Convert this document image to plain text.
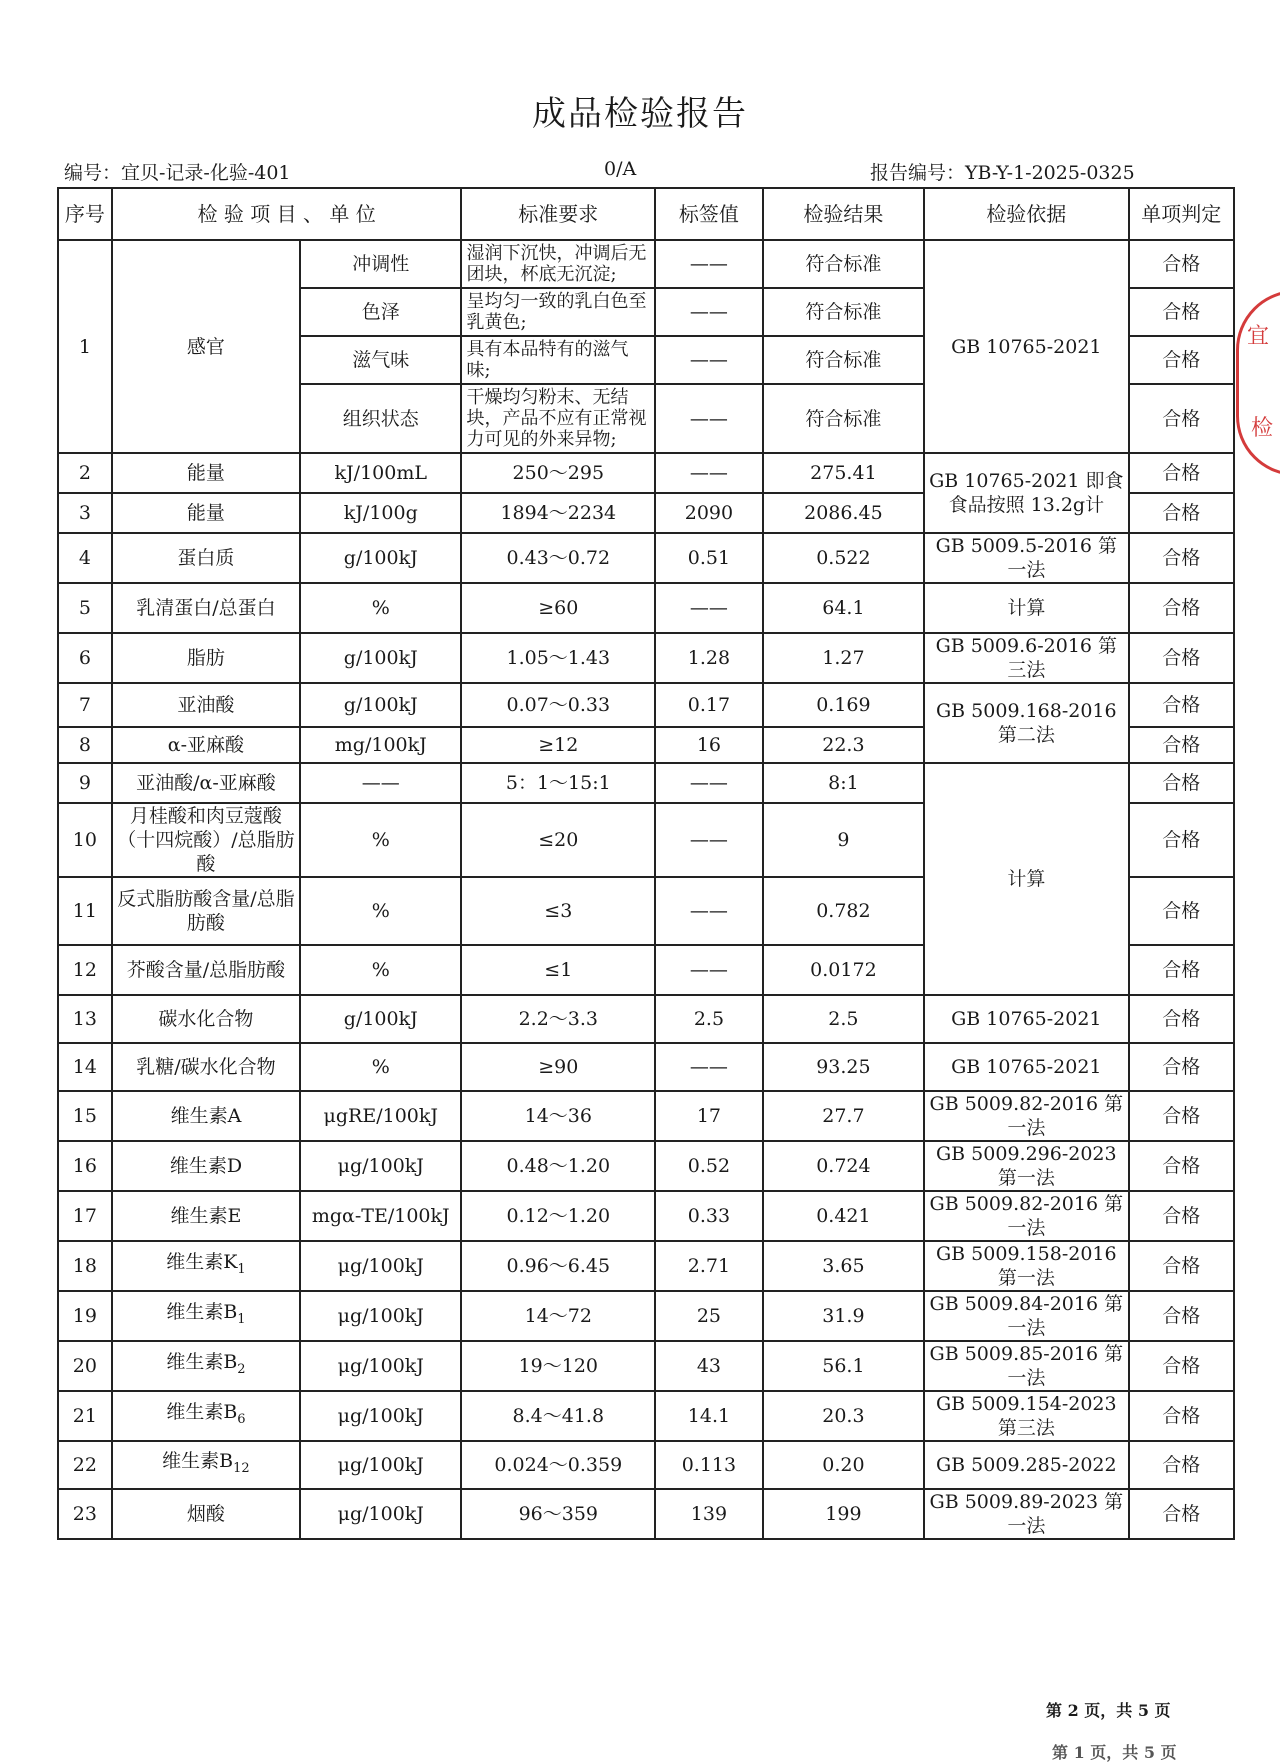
成品检验报告
编号：宜贝-记录-化验-401	0/A	报告编号：YB-Y-1-2025-0325
序号	检 验 项 目 、 单 位		标准要求	标签值	检验结果	检验依据	单项判定
1	感官	冲调性	湿润下沉快，冲调后无团块，杯底无沉淀;	——	符合标准	GB 10765-2021	合格
		色泽	呈均匀一致的乳白色至乳黄色;	——	符合标准		合格
		滋气味	具有本品特有的滋气味;	——	符合标准		合格
		组织状态	干燥均匀粉末、无结块，产品不应有正常视力可见的外来异物;	——	符合标准		合格
2	能量	kJ/100mL	250～295	——	275.41	GB 10765-2021 即食食品按照 13.2g计	合格
3	能量	kJ/100g	1894～2234	2090	2086.45		合格
4	蛋白质	g/100kJ	0.43～0.72	0.51	0.522	GB 5009.5-2016 第一法	合格
5	乳清蛋白/总蛋白	%	≥60	——	64.1	计算	合格
6	脂肪	g/100kJ	1.05～1.43	1.28	1.27	GB 5009.6-2016 第三法	合格
7	亚油酸	g/100kJ	0.07～0.33	0.17	0.169	GB 5009.168-2016 第二法	合格
8	α-亚麻酸	mg/100kJ	≥12	16	22.3		合格
9	亚油酸/α-亚麻酸	——	5：1～15:1	——	8:1	计算	合格
10	月桂酸和肉豆蔻酸（十四烷酸）/总脂肪酸	%	≤20	——	9		合格
11	反式脂肪酸含量/总脂肪酸	%	≤3	——	0.782		合格
12	芥酸含量/总脂肪酸	%	≤1	——	0.0172		合格
13	碳水化合物	g/100kJ	2.2～3.3	2.5	2.5	GB 10765-2021	合格
14	乳糖/碳水化合物	%	≥90	——	93.25	GB 10765-2021	合格
15	维生素A	μgRE/100kJ	14～36	17	27.7	GB 5009.82-2016 第一法	合格
16	维生素D	μg/100kJ	0.48～1.20	0.52	0.724	GB 5009.296-2023 第一法	合格
17	维生素E	mgα-TE/100kJ	0.12～1.20	0.33	0.421	GB 5009.82-2016 第一法	合格
18	维生素$K_1$	μg/100kJ	0.96～6.45	2.71	3.65	GB 5009.158-2016 第一法	合格
19	维生素$B_1$	μg/100kJ	14～72	25	31.9	GB 5009.84-2016 第一法	合格
20	维生素$B_2$	μg/100kJ	19～120	43	56.1	GB 5009.85-2016 第一法	合格
21	维生素$B_6$	μg/100kJ	8.4～41.8	14.1	20.3	GB 5009.154-2023 第三法	合格
22	维生素$B_{12}$	μg/100kJ	0.024～0.359	0.113	0.20	GB 5009.285-2022	合格
23	烟酸	μg/100kJ	96～359	139	199	GB 5009.89-2023 第一法	合格
宜
检
第 2 页，共 5 页
第 1 页，共 5 页
